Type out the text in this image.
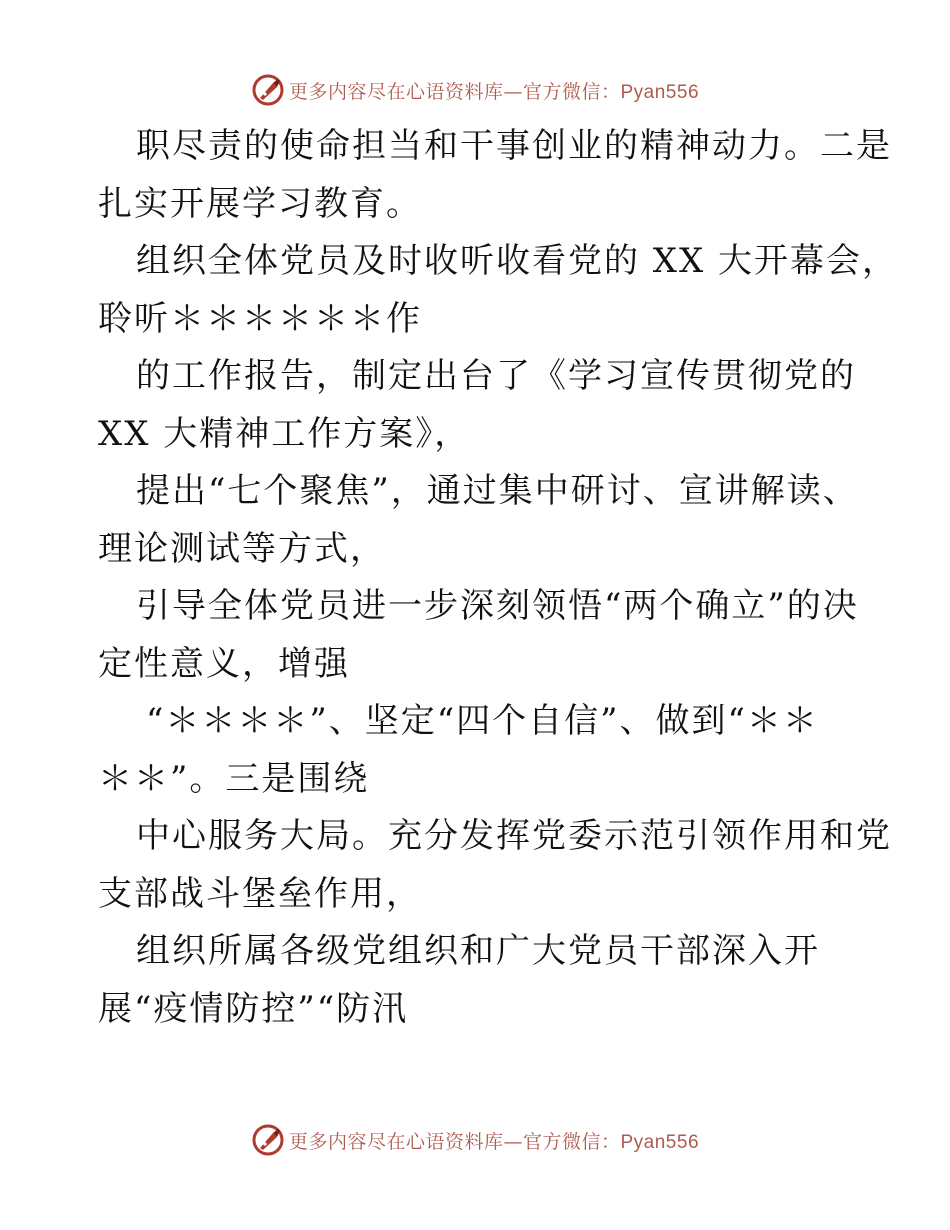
更多内容尽在心语资料库—官方微信：Pyan556
职尽责的使命担当和干事创业的精神动力。二是
扎实开展学习教育。
组织全体党员及时收听收看党的 XX 大开幕会，
聆听＊＊＊＊＊＊作
的工作报告，制定出台了《学习宣传贯彻党的
XX 大精神工作方案》，
提出“七个聚焦”，通过集中研讨、宣讲解读、
理论测试等方式，
引导全体党员进一步深刻领悟“两个确立”的决
定性意义，增强
“＊＊＊＊”、坚定“四个自信”、做到“＊＊
＊＊”。三是围绕
中心服务大局。充分发挥党委示范引领作用和党
支部战斗堡垒作用，
组织所属各级党组织和广大党员干部深入开
展“疫情防控”“防汛
更多内容尽在心语资料库—官方微信：Pyan556
